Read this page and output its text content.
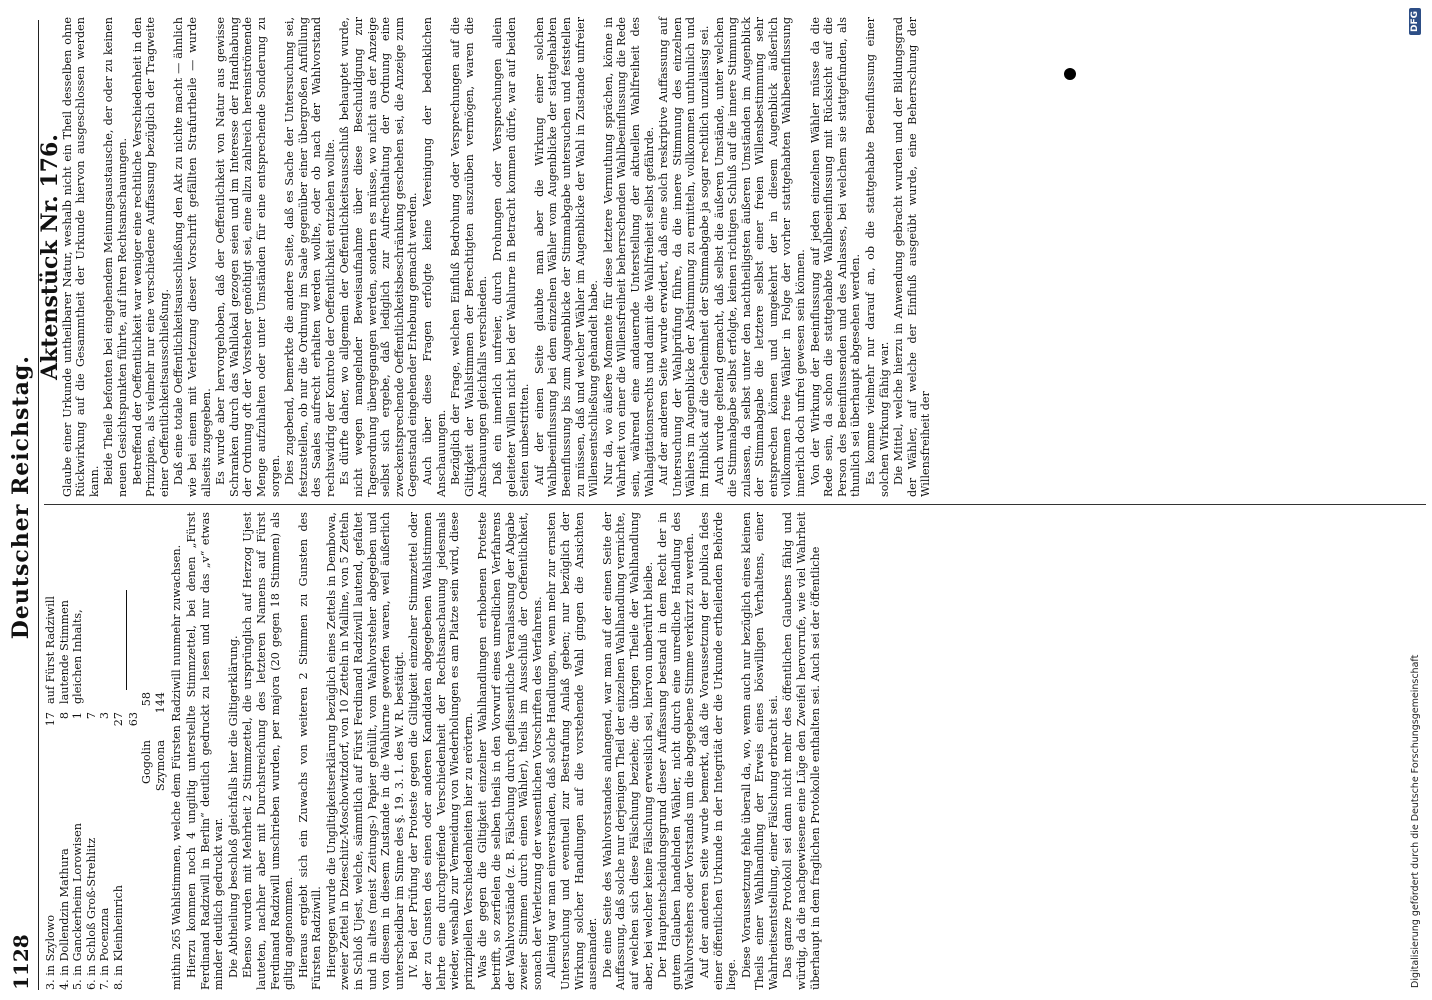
1128
Deutscher Reichstag.
3. in Szylowo
17
auf Fürst Radziwill
4. in Dollendzin Mathura
8
lautende Stimmen
5. in Ganckerheim Lorowisen
1
gleichen Inhalts,
6. in Schloß Groß-Strehlitz
7
7. in Pocenzna
3
8. in Kleinheinrich
27 63
Gogolin
58
Szymona
144 mithin 265 Wahlstimmen, welche dem Fürsten Radziwill nunmehr zuwachsen. Hierzu kommen noch 4 ungiltig unterstellte Stimmzettel, bei denen „Fürst Ferdinand Radziwill in Berlin“ deutlich gedruckt zu lesen und nur das „v“ etwas minder deutlich gedruckt war. Die Abtheilung beschloß gleichfalls hier die Giltigerklärung. Ebenso wurden mit Mehrheit 2 Stimmzettel, die ursprünglich auf Herzog Ujest lauteten, nachher aber mit Durchstreichung des letzteren Namens auf Fürst Ferdinand Radziwill umschrieben wurden, per majora (20 gegen 18 Stimmen) als giltig angenommen. Hieraus ergiebt sich ein Zuwachs von weiteren 2 Stimmen zu Gunsten des Fürsten Radziwill. Hiergegen wurde die Ungiltigkeitserklärung bezüglich eines Zettels in Dembowa, zweier Zettel in Dzieschitz-Moschowitzdorf, von 10 Zetteln in Malline, von 5 Zetteln in Schloß Ujest, welche, sämmtlich auf Fürst Ferdinand Radziwill lautend, gefaltet und in altes (meist Zeitungs-) Papier gehüllt, vom Wahlvorsteher abgegeben und von diesem in diesem Zustande in die Wahlurne geworfen waren, weil äußerlich unterscheidbar im Sinne des §. 19. 3. 1. des W. R. bestätigt. IV. Bei der Prüfung der Proteste gegen die Giltigkeit einzelner Stimmzettel oder der zu Gunsten des einen oder anderen Kandidaten abgegebenen Wahlstimmen lehrte eine durchgreifende Verschiedenheit der Rechtsanschauung jedesmals wieder, weshalb zur Vermeidung von Wiederholungen es am Platze sein wird, diese prinzipiellen Verschiedenheiten hier zu erörtern. Was die gegen die Giltigkeit einzelner Wahlhandlungen erhobenen Proteste betrifft, so zerfielen die selben theils in den Vorwurf eines unredlichen Verfahrens der Wahlvorstände (z. B. Fälschung durch geflissentliche Veranlassung der Abgabe zweier Stimmen durch einen Wähler), theils im Ausschluß der Oeffentlichkeit, sonach der Verletzung der wesentlichen Vorschriften des Verfahrens. Alleinig war man einverstanden, daß solche Handlungen, wenn mehr zur ernsten Untersuchung und eventuell zur Bestrafung Anlaß geben; nur bezüglich der Wirkung solcher Handlungen auf die vorstehende Wahl gingen die Ansichten auseinander. Die eine Seite des Wahlvorstandes anlangend, war man auf der einen Seite der Auffassung, daß solche nur derjenigen Theil der einzelnen Wahlhandlung vernichte, auf welchen sich diese Fälschung beziehe; die übrigen Theile der Wahlhandlung aber, bei welcher keine Fälschung erweislich sei, hiervon unberührt bleibe. Der Hauptentscheidungsgrund dieser Auffassung bestand in dem Recht der in gutem Glauben handelnden Wähler, nicht durch eine unredliche Handlung des Wahlvorstehers oder Vorstands um die abgegebene Stimme verkürzt zu werden. Auf der anderen Seite wurde bemerkt, daß die Voraussetzung der publica fides einer öffentlichen Urkunde in der Integrität der die Urkunde ertheilenden Behörde liege. Diese Voraussetzung fehle überall da, wo, wenn auch nur bezüglich eines kleinen Theils einer Wahlhandlung der Erweis eines böswilligen Verhaltens, einer Wahrheitsentstellung, einer Fälschung erbracht sei. Das ganze Protokoll sei dann nicht mehr des öffentlichen Glaubens fähig und würdig, da die nachgewiesene eine Lüge den Zweifel hervorrufe, wie viel Wahrheit überhaupt in dem fraglichen Protokolle enthalten sei. Auch sei der öffentliche

Aktenstück Nr. 176.

Glaube einer Urkunde untheilbarer Natur, weshalb nicht ein Theil desselben ohne Rückwirkung auf die Gesammtheit der Urkunde hiervon ausgeschlossen werden kann. Beide Theile befonten bei eingehendem Meinungsaustausche, der oder zu keinen neuen Gesichtspunkten führte, auf ihren Rechtsanschauungen. Betreffend der Oeffentlichkeit war weniger eine rechtliche Verschiedenheit in den Prinzipien, als vielmehr nur eine verschiedene Auffassung bezüglich der Tragweite einer Oeffentlichkeitsausschließung. Daß eine totale Oeffentlichkeitsausschließung den Akt zu nichte macht — ähnlich wie bei einem mit Verletzung dieser Vorschrift gefällten Strafurtheile — wurde allseits zugegeben. Es wurde aber hervorgehoben, daß der Oeffentlichkeit von Natur aus gewisse Schranken durch das Wahllokal gezogen seien und im Interesse der Handhabung der Ordnung oft der Vorsteher genöthigt sei, eine allzu zahlreich hereinströmende Menge aufzuhalten oder unter Umständen für eine entsprechende Sonderung zu sorgen. Dies zugebend, bemerkte die andere Seite, daß es Sache der Untersuchung sei, festzustellen, ob nur die Ordnung im Saale gegenüber einer übergroßen Anfüllung des Saales aufrecht erhalten werden wollte, oder ob nach der Wahlvorstand rechtswidrig der Kontrole der Oeffentlichkeit entziehen wollte. Es dürfte daher, wo allgemein der Oeffentlichkeitsausschluß behauptet wurde, nicht wegen mangelnder Beweisaufnahme über diese Beschuldigung zur Tagesordnung übergegangen werden, sondern es müsse, wo nicht aus der Anzeige selbst sich ergebe, daß lediglich zur Aufrechthaltung der Ordnung eine zweckentsprechende Oeffentlichkeitsbeschränkung geschehen sei, die Anzeige zum Gegenstand eingehender Erhebung gemacht werden. Auch über diese Fragen erfolgte keine Vereinigung der bedenklichen Anschauungen. Bezüglich der Frage, welchen Einfluß Bedrohung oder Versprechungen auf die Giltigkeit der Wahlstimmen der Berechtigten auszuüben vermögen, waren die Anschauungen gleichfalls verschieden. Daß ein innerlich unfreier, durch Drohungen oder Versprechungen allein geleiteter Willen nicht bei der Wahlurne in Betracht kommen dürfe, war auf beiden Seiten unbestritten. Auf der einen Seite glaubte man aber die Wirkung einer solchen Wahlbeeinflussung bei dem einzelnen Wähler vom Augenblicke der stattgehabten Beeinflussung bis zum Augenblicke der Stimmabgabe untersuchen und feststellen zu müssen, daß und welcher Wähler im Augenblicke der Wahl in Zustande unfreier Willensentschließung gehandelt habe. Nur da, wo äußere Momente für diese letztere Vermuthung sprächen, könne in Wahrheit von einer die Willensfreiheit beherrschenden Wahlbeeinflussung die Rede sein, während eine andauernde Unterstellung der aktuellen Wahlfreiheit des Wahlagitationsrechts und damit die Wahlfreiheit selbst gefährde. Auf der anderen Seite wurde erwidert, daß eine solch reskriptive Auffassung auf Untersuchung der Wahlprüfung führe, da die innere Stimmung des einzelnen Wählers im Augenblicke der Abstimmung zu ermitteln, vollkommen unthunlich und im Hinblick auf die Geheimheit der Stimmabgabe ja sogar rechtlich unzulässig sei. Auch wurde geltend gemacht, daß selbst die äußeren Umstände, unter welchen die Stimmabgabe selbst erfolgte, keinen richtigen Schluß auf die innere Stimmung zulassen, da selbst unter den nachtheiligsten äußeren Umständen im Augenblick der Stimmabgabe die letztere selbst einer freien Willensbestimmung sehr entsprechen können und umgekehrt der in diesem Augenblick äußerlich vollkommen freie Wähler in Folge der vorher stattgehabten Wahlbeeinflussung innerlich doch unfrei gewesen sein können. Von der Wirkung der Beeinflussung auf jeden einzelnen Wähler müsse da die Rede sein, da schon die stattgehabte Wahlbeeinflussung mit Rücksicht auf die Person des Beeinflussenden und des Anlasses, bei welchem sie stattgefunden, als thunlich sei überhaupt abgesehen werden. Es komme vielmehr nur darauf an, ob die stattgehabte Beeinflussung einer solchen Wirkung fähig war. Die Mittel, welche hierzu in Anwendung gebracht wurden und der Bildungsgrad der Wähler, auf welche der Einfluß ausgeübt wurde, eine Beherrschung der Willensfreiheit der

Digitalisierung gefördert durch die Deutsche Forschungsgemeinschaft
DFG
